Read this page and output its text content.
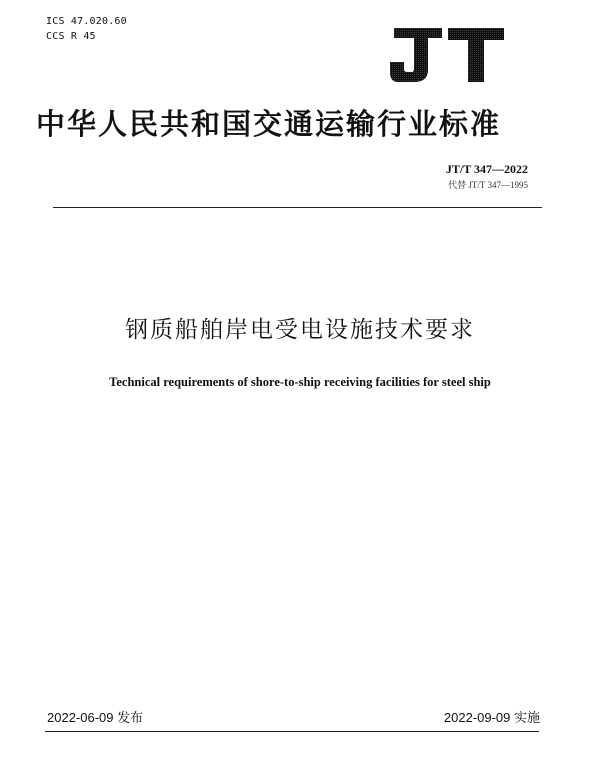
ICS 47.020.60
CCS R 45
中华人民共和国交通运输行业标准
JT/T 347—2022
代替 JT/T 347—1995
钢质船舶岸电受电设施技术要求
Technical requirements of shore-to-ship receiving facilities for steel ship
2022-06-09 发布	2022-09-09 实施
